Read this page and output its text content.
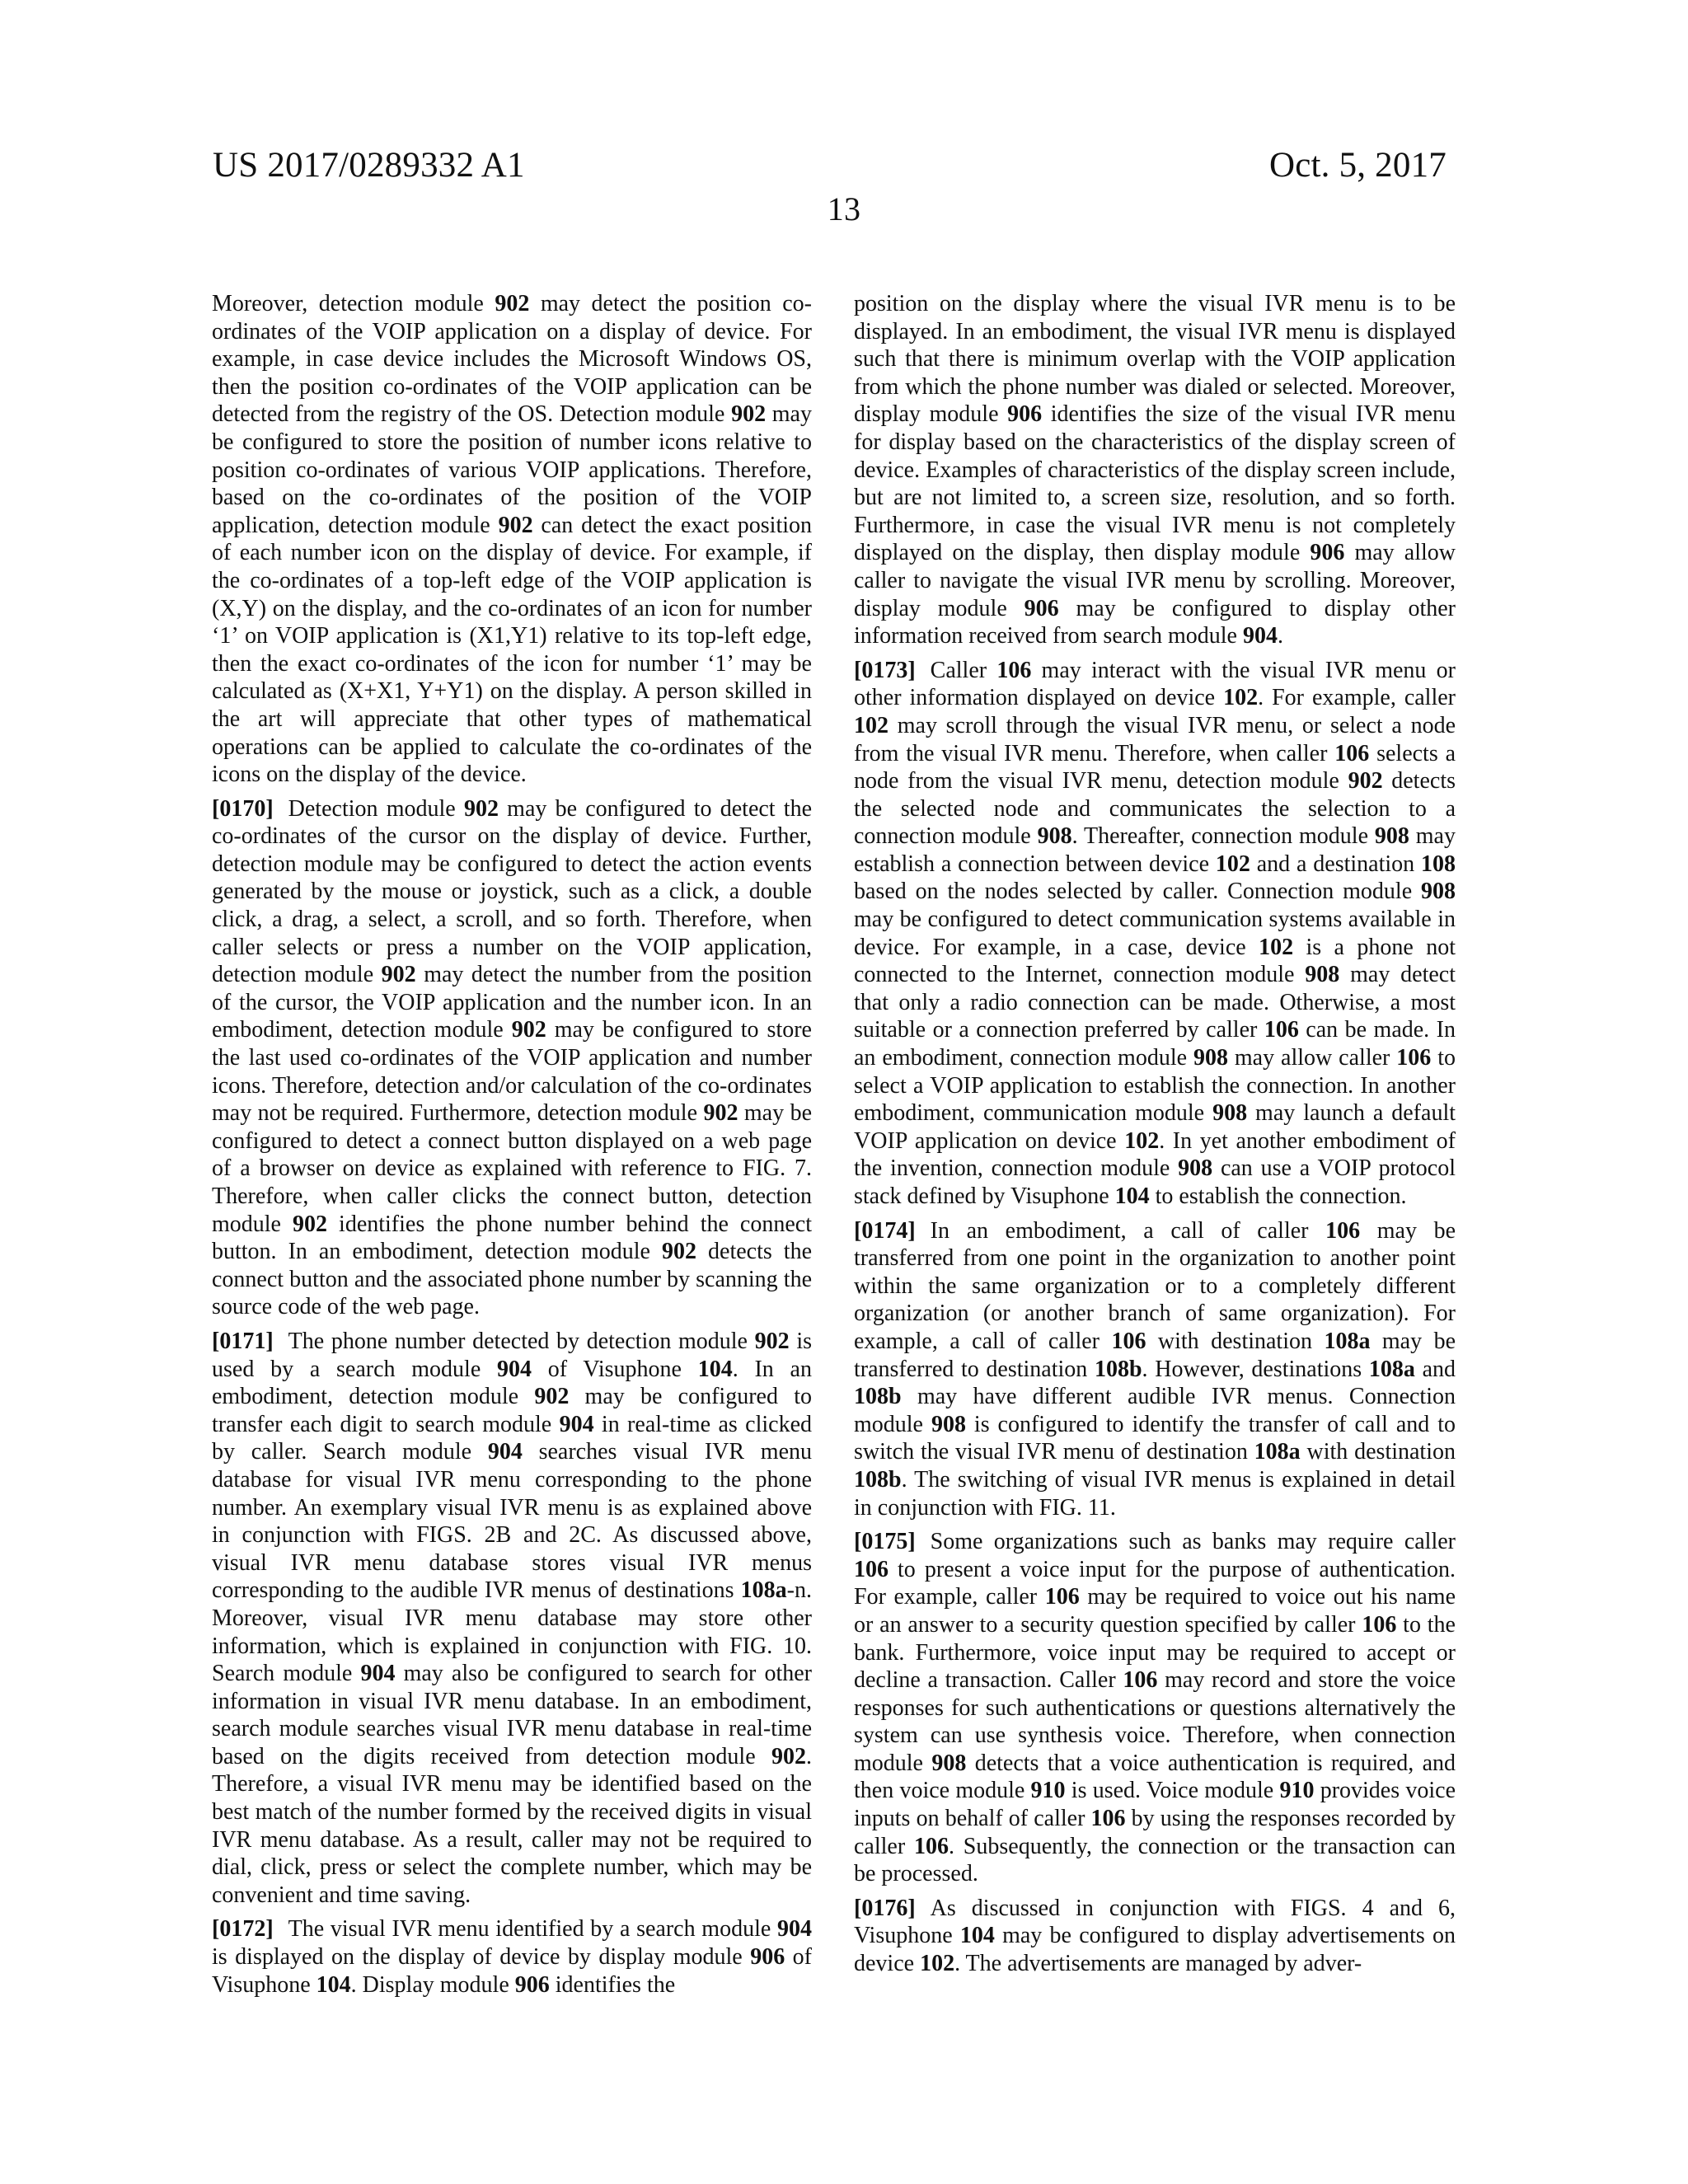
US 2017/0289332 A1	Oct. 5, 2017
13

Moreover, detection module 902 may detect the position co-ordinates of the VOIP application on a display of device. For example, in case device includes the Microsoft Windows OS, then the position co-ordinates of the VOIP application can be detected from the registry of the OS. Detection module 902 may be configured to store the position of number icons relative to position co-ordinates of various VOIP applications. Therefore, based on the co-ordinates of the position of the VOIP application, detection module 902 can detect the exact position of each number icon on the display of device. For example, if the co-ordinates of a top-left edge of the VOIP application is (X,Y) on the display, and the co-ordinates of an icon for number ‘1’ on VOIP application is (X1,Y1) relative to its top-left edge, then the exact co-ordinates of the icon for number ‘1’ may be calculated as (X+X1, Y+Y1) on the display. A person skilled in the art will appreciate that other types of mathematical operations can be applied to calculate the co-ordinates of the icons on the display of the device.

[0170] Detection module 902 may be configured to detect the co-ordinates of the cursor on the display of device. Further, detection module may be configured to detect the action events generated by the mouse or joystick, such as a click, a double click, a drag, a select, a scroll, and so forth. Therefore, when caller selects or press a number on the VOIP application, detection module 902 may detect the number from the position of the cursor, the VOIP application and the number icon. In an embodiment, detection module 902 may be configured to store the last used co-ordinates of the VOIP application and number icons. Therefore, detection and/or calculation of the co-ordinates may not be required. Furthermore, detection module 902 may be configured to detect a connect button displayed on a web page of a browser on device as explained with reference to FIG. 7. Therefore, when caller clicks the connect button, detection module 902 identifies the phone number behind the connect button. In an embodiment, detection module 902 detects the connect button and the associated phone number by scanning the source code of the web page.

[0171] The phone number detected by detection module 902 is used by a search module 904 of Visuphone 104. In an embodiment, detection module 902 may be configured to transfer each digit to search module 904 in real-time as clicked by caller. Search module 904 searches visual IVR menu database for visual IVR menu corresponding to the phone number. An exemplary visual IVR menu is as explained above in conjunction with FIGS. 2B and 2C. As discussed above, visual IVR menu database stores visual IVR menus corresponding to the audible IVR menus of destinations 108a-n. Moreover, visual IVR menu database may store other information, which is explained in conjunction with FIG. 10. Search module 904 may also be configured to search for other information in visual IVR menu database. In an embodiment, search module searches visual IVR menu database in real-time based on the digits received from detection module 902. Therefore, a visual IVR menu may be identified based on the best match of the number formed by the received digits in visual IVR menu database. As a result, caller may not be required to dial, click, press or select the complete number, which may be convenient and time saving.

[0172] The visual IVR menu identified by a search module 904 is displayed on the display of device by display module 906 of Visuphone 104. Display module 906 identifies the

position on the display where the visual IVR menu is to be displayed. In an embodiment, the visual IVR menu is displayed such that there is minimum overlap with the VOIP application from which the phone number was dialed or selected. Moreover, display module 906 identifies the size of the visual IVR menu for display based on the characteristics of the display screen of device. Examples of characteristics of the display screen include, but are not limited to, a screen size, resolution, and so forth. Furthermore, in case the visual IVR menu is not completely displayed on the display, then display module 906 may allow caller to navigate the visual IVR menu by scrolling. Moreover, display module 906 may be configured to display other information received from search module 904.

[0173] Caller 106 may interact with the visual IVR menu or other information displayed on device 102. For example, caller 102 may scroll through the visual IVR menu, or select a node from the visual IVR menu. Therefore, when caller 106 selects a node from the visual IVR menu, detection module 902 detects the selected node and communicates the selection to a connection module 908. Thereafter, connection module 908 may establish a connection between device 102 and a destination 108 based on the nodes selected by caller. Connection module 908 may be configured to detect communication systems available in device. For example, in a case, device 102 is a phone not connected to the Internet, connection module 908 may detect that only a radio connection can be made. Otherwise, a most suitable or a connection preferred by caller 106 can be made. In an embodiment, connection module 908 may allow caller 106 to select a VOIP application to establish the connection. In another embodiment, communication module 908 may launch a default VOIP application on device 102. In yet another embodiment of the invention, connection module 908 can use a VOIP protocol stack defined by Visuphone 104 to establish the connection.

[0174] In an embodiment, a call of caller 106 may be transferred from one point in the organization to another point within the same organization or to a completely different organization (or another branch of same organization). For example, a call of caller 106 with destination 108a may be transferred to destination 108b. However, destinations 108a and 108b may have different audible IVR menus. Connection module 908 is configured to identify the transfer of call and to switch the visual IVR menu of destination 108a with destination 108b. The switching of visual IVR menus is explained in detail in conjunction with FIG. 11.

[0175] Some organizations such as banks may require caller 106 to present a voice input for the purpose of authentication. For example, caller 106 may be required to voice out his name or an answer to a security question specified by caller 106 to the bank. Furthermore, voice input may be required to accept or decline a transaction. Caller 106 may record and store the voice responses for such authentications or questions alternatively the system can use synthesis voice. Therefore, when connection module 908 detects that a voice authentication is required, and then voice module 910 is used. Voice module 910 provides voice inputs on behalf of caller 106 by using the responses recorded by caller 106. Subsequently, the connection or the transaction can be processed.

[0176] As discussed in conjunction with FIGS. 4 and 6, Visuphone 104 may be configured to display advertisements on device 102. The advertisements are managed by adver-
